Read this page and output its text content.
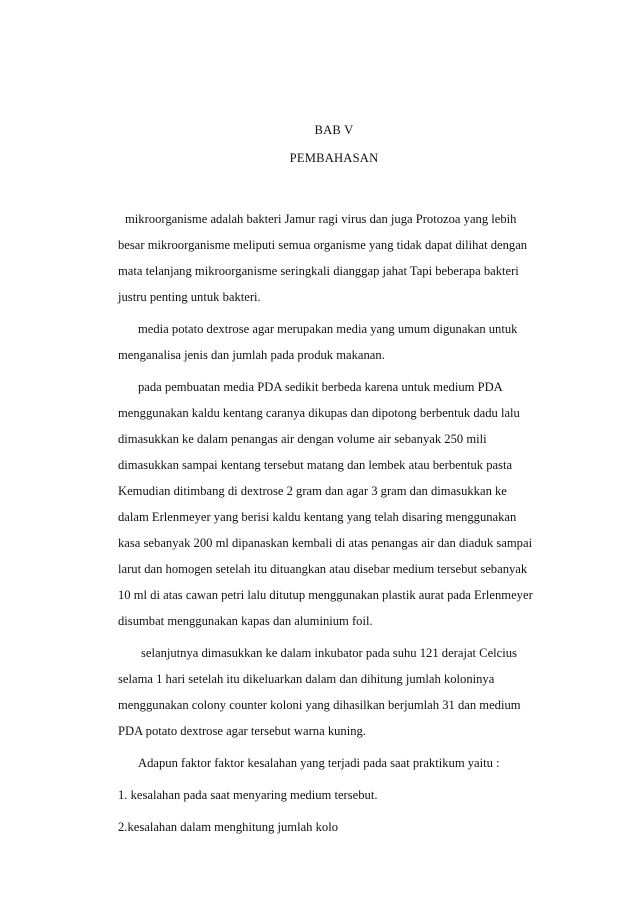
BAB V
PEMBAHASAN
mikroorganisme adalah bakteri Jamur ragi virus dan juga Protozoa yang lebih
besar mikroorganisme meliputi semua organisme yang tidak dapat dilihat dengan
mata telanjang mikroorganisme seringkali dianggap jahat Tapi beberapa bakteri
justru penting untuk bakteri.
media potato dextrose agar merupakan media yang umum digunakan untuk
menganalisa jenis dan jumlah pada produk makanan.
pada pembuatan media PDA sedikit berbeda karena untuk medium PDA
menggunakan kaldu kentang caranya dikupas dan dipotong berbentuk dadu lalu
dimasukkan ke dalam penangas air dengan volume air sebanyak 250 mili
dimasukkan sampai kentang tersebut matang dan lembek atau berbentuk pasta
Kemudian ditimbang di dextrose 2 gram dan agar 3 gram dan dimasukkan ke
dalam Erlenmeyer yang berisi kaldu kentang yang telah disaring menggunakan
kasa sebanyak 200 ml dipanaskan kembali di atas penangas air dan diaduk sampai
larut dan homogen setelah itu dituangkan atau disebar medium tersebut sebanyak
10 ml di atas cawan petri lalu ditutup menggunakan plastik aurat pada Erlenmeyer
disumbat menggunakan kapas dan aluminium foil.
selanjutnya dimasukkan ke dalam inkubator pada suhu 121 derajat Celcius
selama 1 hari setelah itu dikeluarkan dalam dan dihitung jumlah koloninya
menggunakan colony counter koloni yang dihasilkan berjumlah 31 dan medium
PDA potato dextrose agar tersebut warna kuning.
Adapun faktor faktor kesalahan yang terjadi pada saat praktikum yaitu :
1. kesalahan pada saat menyaring medium tersebut.
2.kesalahan dalam menghitung jumlah kolo
